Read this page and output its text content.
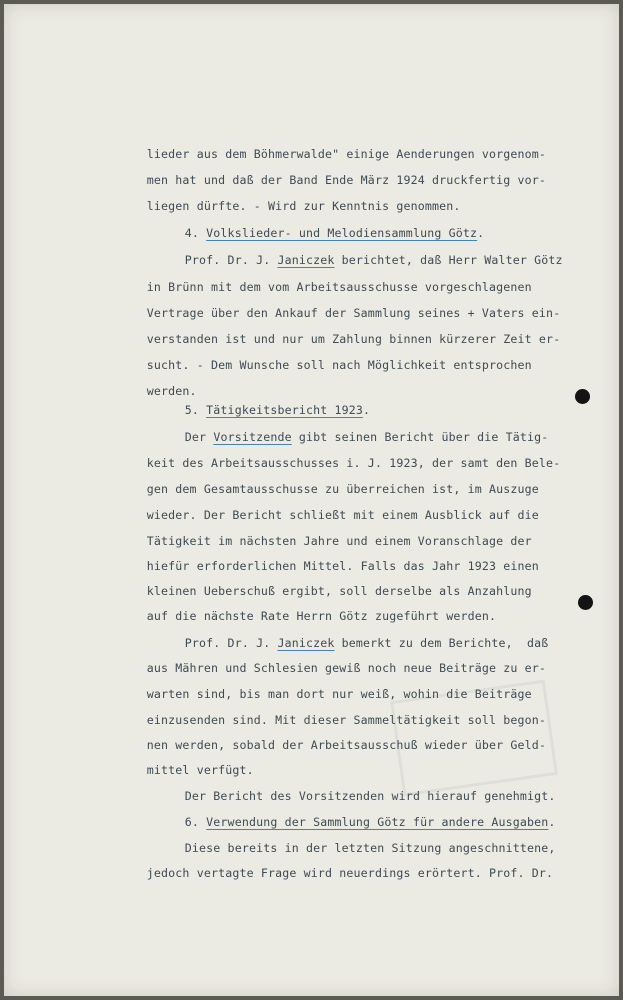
lieder aus dem Böhmerwalde" einige Aenderungen vorgenom-

men hat und daß der Band Ende März 1924 druckfertig vor-

liegen dürfte. - Wird zur Kenntnis genommen.

4. Volkslieder- und Melodiensammlung Götz.

Prof. Dr. J. Janiczek berichtet, daß Herr Walter Götz

in Brünn mit dem vom Arbeitsausschusse vorgeschlagenen

Vertrage über den Ankauf der Sammlung seines + Vaters ein-

verstanden ist und nur um Zahlung binnen kürzerer Zeit er-

sucht. - Dem Wunsche soll nach Möglichkeit entsprochen

werden.

5. Tätigkeitsbericht 1923.

Der Vorsitzende gibt seinen Bericht über die Tätig-

keit des Arbeitsausschusses i. J. 1923, der samt den Bele-

gen dem Gesamtausschusse zu überreichen ist, im Auszuge

wieder. Der Bericht schließt mit einem Ausblick auf die

Tätigkeit im nächsten Jahre und einem Voranschlage der

hiefür erforderlichen Mittel. Falls das Jahr 1923 einen

kleinen Ueberschuß ergibt, soll derselbe als Anzahlung

auf die nächste Rate Herrn Götz zugeführt werden.

Prof. Dr. J. Janiczek bemerkt zu dem Berichte,  daß

aus Mähren und Schlesien gewiß noch neue Beiträge zu er-

warten sind, bis man dort nur weiß, wohin die Beiträge

einzusenden sind. Mit dieser Sammeltätigkeit soll begon-

nen werden, sobald der Arbeitsausschuß wieder über Geld-

mittel verfügt.

Der Bericht des Vorsitzenden wird hierauf genehmigt.

6. Verwendung der Sammlung Götz für andere Ausgaben.

Diese bereits in der letzten Sitzung angeschnittene,

jedoch vertagte Frage wird neuerdings erörtert. Prof. Dr.
